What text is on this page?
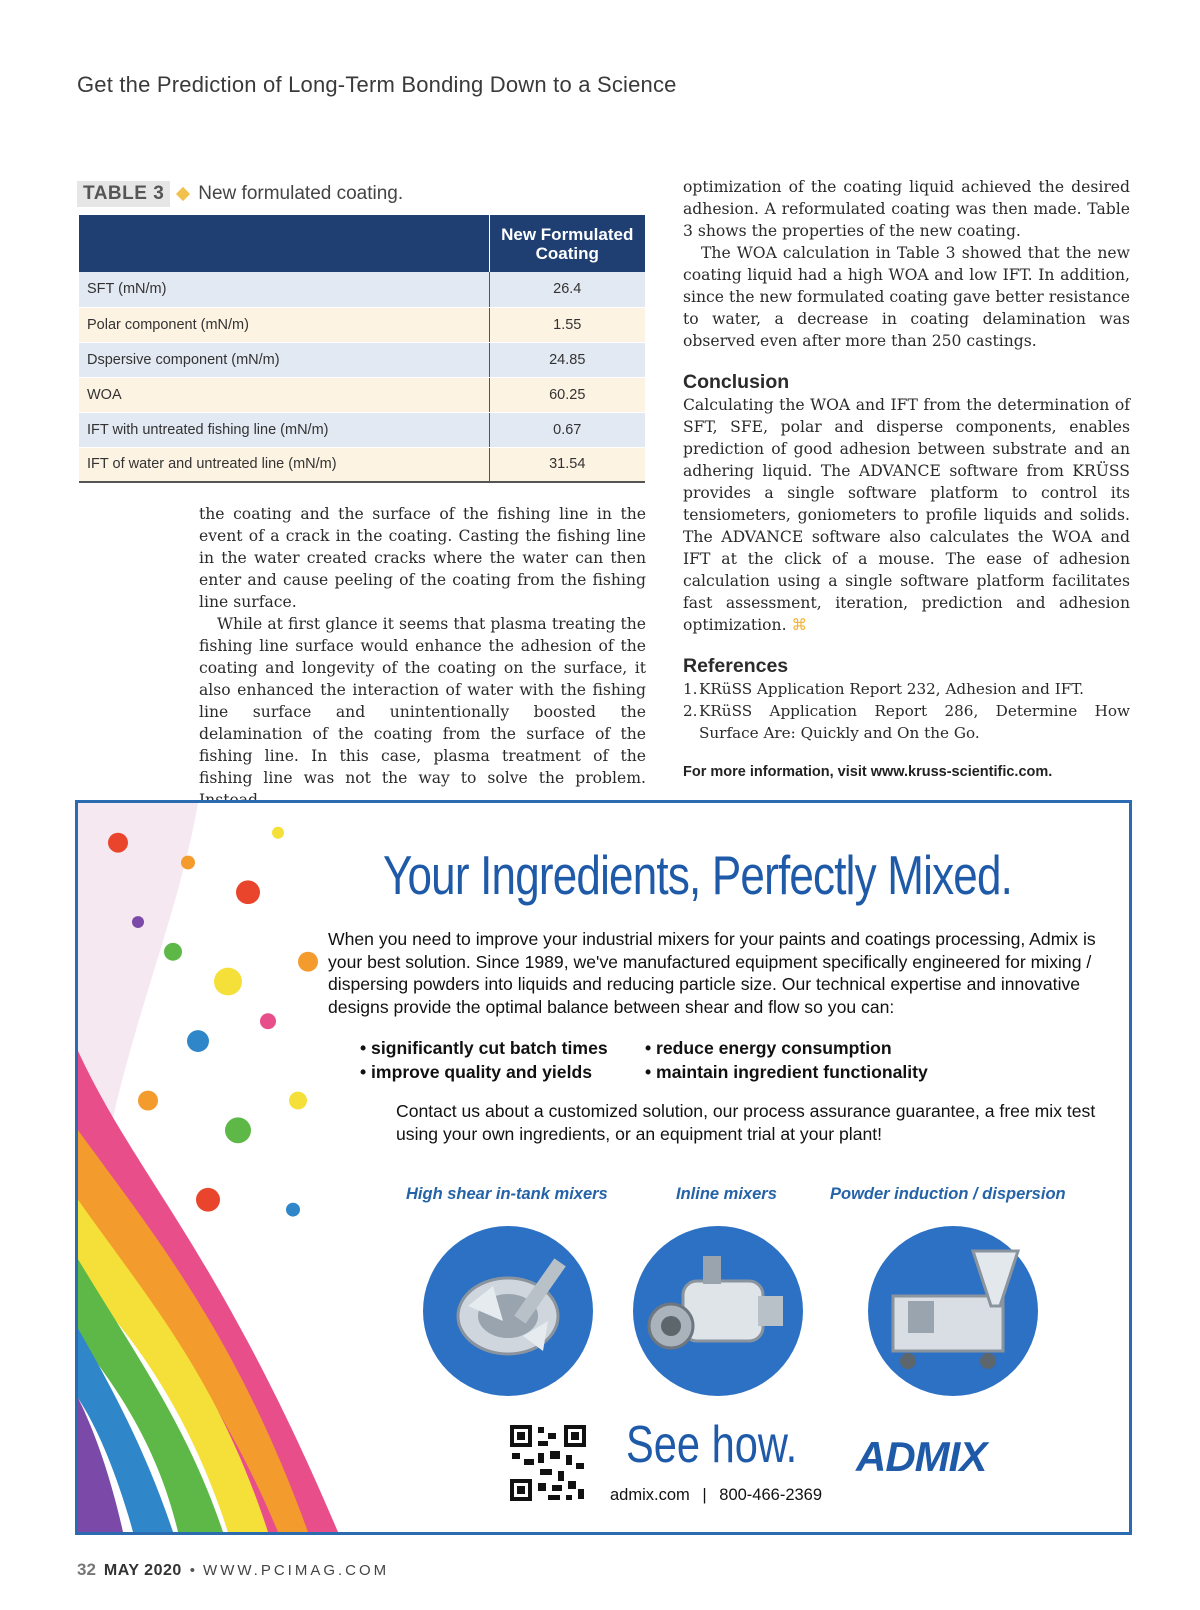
Get the Prediction of Long-Term Bonding Down to a Science
TABLE 3	New formulated coating.
	New Formulated
Coating
SFT (mN/m)	26.4
Polar component (mN/m)	1.55
Dspersive component (mN/m)	24.85
WOA	60.25
IFT with untreated fishing line (mN/m)	0.67
IFT of water and untreated line (mN/m)	31.54

the coating and the surface of the fishing line in the event of a crack in the coating. Casting the fishing line in the water created cracks where the water can then enter and cause peeling of the coating from the fishing line surface.

While at first glance it seems that plasma treating the fishing line surface would enhance the adhesion of the coating and longevity of the coating on the surface, it also enhanced the interaction of water with the fishing line surface and unintentionally boosted the delamination of the coating from the surface of the fishing line. In this case, plasma treatment of the fishing line was not the way to solve the problem.

optimization of the coating liquid achieved the desired adhesion. A reformulated coating was then made. Table 3 shows the properties of the new coating.

The WOA calculation in Table 3 showed that the new coating liquid had a high WOA and low IFT. In addition, since the new formulated coating gave better resistance to water, a decrease in coating delamination was observed even after more than 250 castings.

Conclusion

Calculating the WOA and IFT from the determination of SFT, SFE, polar and disperse components, enables prediction of good adhesion between substrate and an adhering liquid. The ADVANCE software from KRÜSS provides a single software platform to control its tensiometers, goniometers to profile liquids and solids. The ADVANCE software also calculates the WOA and IFT at the click of a mouse. The ease of adhesion calculation using a single software platform facilitates fast assessment, iteration, prediction and adhesion optimization. ⌘

References
1. KRüSS Application Report 232, Adhesion and IFT.
2. KRüSS Application Report 286, Determine How Surface Are: Quickly and On the Go.

For more information, visit www.kruss-scientific.com.

Your Ingredients, Perfectly Mixed.

When you need to improve your industrial mixers for your paints and coatings processing, Admix is your best solution. Since 1989, we've manufactured equipment specifically engineered for mixing / dispersing powders into liquids and reducing particle size. Our technical expertise and innovative designs provide the optimal balance between shear and flow so you can:

• significantly cut batch times	• reduce energy consumption
• improve quality and yields	• maintain ingredient functionality

Contact us about a customized solution, our process assurance guarantee, a free mix test using your own ingredients, or an equipment trial at your plant!

High shear in-tank mixers	Inline mixers	Powder induction / dispersion
See how.
admix.com | 800-466-2369
ADMIX
32 MAY 2020 • WWW.PCIMAG.COM
